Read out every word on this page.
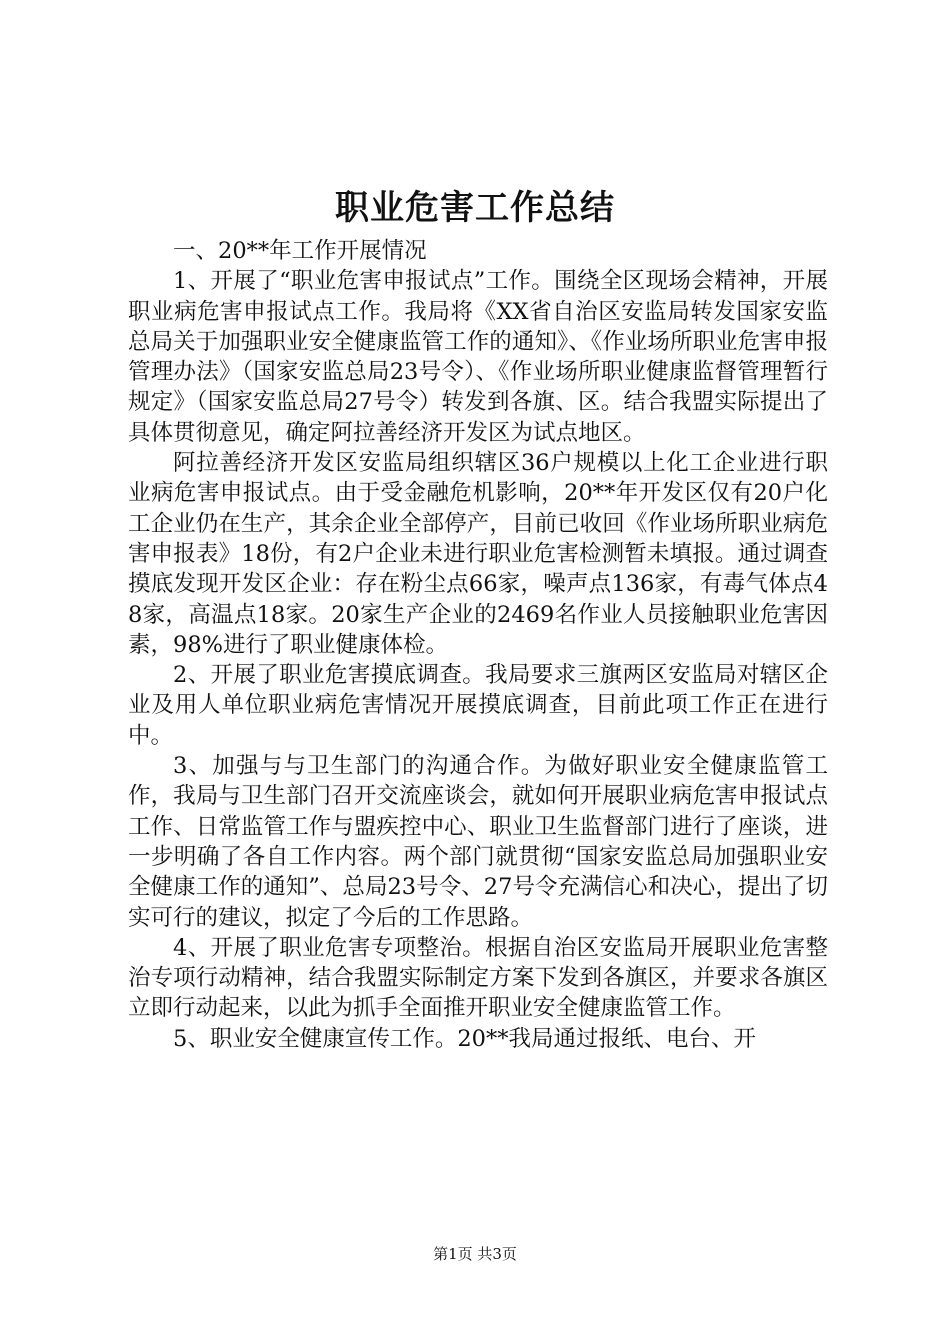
职业危害工作总结

一、20**年工作开展情况

1、开展了“职业危害申报试点”工作。围绕全区现场会精神，开展职业病危害申报试点工作。我局将《XX省自治区安监局转发国家安监总局关于加强职业安全健康监管工作的通知》、《作业场所职业危害申报管理办法》（国家安监总局23号令）、《作业场所职业健康监督管理暂行规定》（国家安监总局27号令）转发到各旗、区。结合我盟实际提出了具体贯彻意见，确定阿拉善经济开发区为试点地区。

阿拉善经济开发区安监局组织辖区36户规模以上化工企业进行职业病危害申报试点。由于受金融危机影响，20**年开发区仅有20户化工企业仍在生产，其余企业全部停产，目前已收回《作业场所职业病危害申报表》18份，有2户企业未进行职业危害检测暂未填报。通过调查摸底发现开发区企业：存在粉尘点66家，噪声点136家，有毒气体点48家，高温点18家。20家生产企业的2469名作业人员接触职业危害因素，98%进行了职业健康体检。

2、开展了职业危害摸底调查。我局要求三旗两区安监局对辖区企业及用人单位职业病危害情况开展摸底调查，目前此项工作正在进行中。

3、加强与与卫生部门的沟通合作。为做好职业安全健康监管工作，我局与卫生部门召开交流座谈会，就如何开展职业病危害申报试点工作、日常监管工作与盟疾控中心、职业卫生监督部门进行了座谈，进一步明确了各自工作内容。两个部门就贯彻“国家安监总局加强职业安全健康工作的通知”、总局23号令、27号令充满信心和决心，提出了切实可行的建议，拟定了今后的工作思路。

4、开展了职业危害专项整治。根据自治区安监局开展职业危害整治专项行动精神，结合我盟实际制定方案下发到各旗区，并要求各旗区立即行动起来，以此为抓手全面推开职业安全健康监管工作。

5、职业安全健康宣传工作。20**我局通过报纸、电台、开

第1页 共3页
